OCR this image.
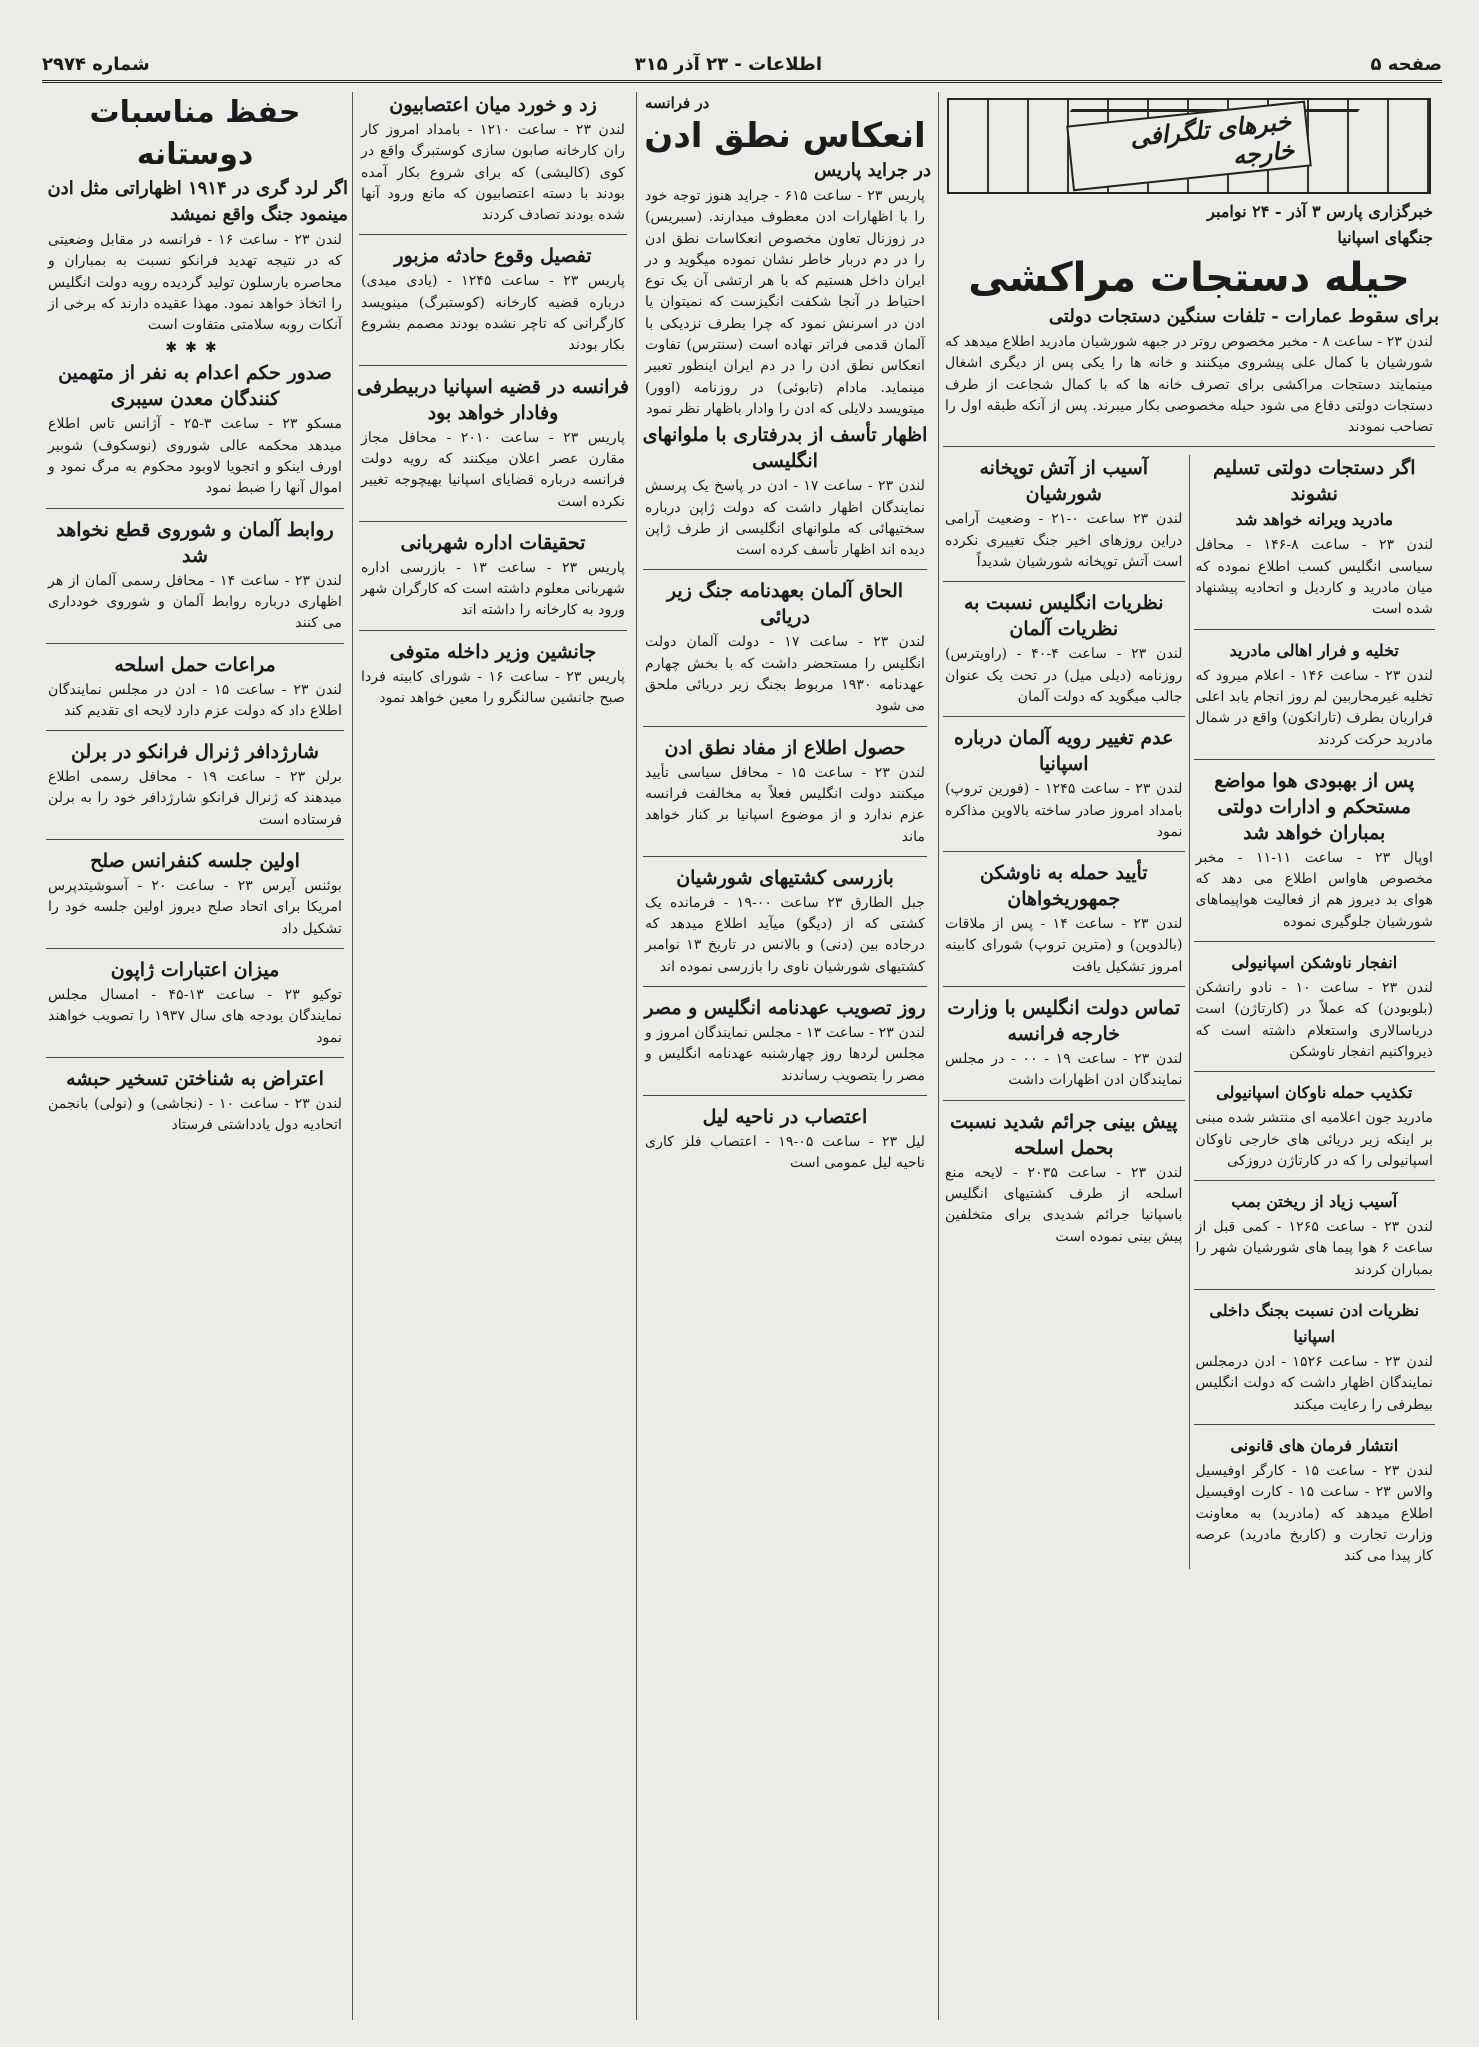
صفحه ۵
اطلاعات - ۲۳ آذر ۳۱۵
شماره ۲۹۷۴
خبرهای تلگرافی خارجه
خبرگزاری پارس ۳ آذر - ۲۴ نوامبر
جنگهای اسپانیا
حیله دستجات مراکشی
برای سقوط عمارات - تلفات سنگین دستجات دولتی
لندن ۲۳ - ساعت ۸ - مخبر مخصوص روتر در جبهه شورشیان مادرید اطلاع میدهد که شورشیان با کمال علی پیشروی میکنند و خانه ها را یکی پس از دیگری اشغال مینمایند دستجات مراکشی برای تصرف خانه ها که با کمال شجاعت از طرف دستجات دولتی دفاع می شود حیله مخصوصی بکار میبرند. پس از آنکه طبقه اول را تصاحب نمودند
اگر دستجات دولتی تسلیم نشوند
مادرید ویرانه خواهد شد
لندن ۲۳ - ساعت ۸-۱۴۶ - محافل سیاسی انگلیس کسب اطلاع نموده که میان مادرید و کاردیل و اتحادیه پیشنهاد شده است
تخلیه و فرار اهالی مادرید
لندن ۲۳ - ساعت ۱۴۶ - اعلام میرود که تخلیه غیرمحاربین لم روز انجام یابد اعلی فراریان بطرف (تارانکون) واقع در شمال مادرید حرکت کردند
پس از بهبودی هوا مواضع مستحکم و ادارات دولتی بمباران خواهد شد
اوپال ۲۳ - ساعت ۱۱-۱۱ - مخبر مخصوص هاواس اطلاع می دهد که هوای بد دیروز هم از فعالیت هواپیماهای شورشیان جلوگیری نموده
انفجار ناوشکن اسپانیولی
لندن ۲۳ - ساعت ۱۰ - نادو رانشکن (بلوبودن) که عملاً در (کارتاژن) است دریاسالاری واستعلام داشته است که ذیرواکنیم انفجار ناوشکن
تکذیب حمله ناوکان اسپانیولی
مادرید جون اعلامیه ای منتشر شده مبنی بر اینکه زیر دریائی های خارجی ناوکان اسپانیولی را که در کارتاژن دروزکی
آسیب زیاد از ریختن بمب
لندن ۲۳ - ساعت ۱۲۶۵ - کمی قبل از ساعت ۶ هوا پیما های شورشیان شهر را بمباران کردند
نظریات ادن نسبت بجنگ داخلی اسپانیا
لندن ۲۳ - ساعت ۱۵۲۶ - ادن درمجلس نمایندگان اظهار داشت که دولت انگلیس بیطرفی را رعایت میکند
انتشار فرمان های قانونی
لندن ۲۳ - ساعت ۱۵ - کارگر اوفیسیل والاس ۲۳ - ساعت ۱۵ - کارت اوفیسیل اطلاع میدهد که (مادرید) به معاونت وزارت تجارت و (کاربخ مادرید) عرصه کار پیدا می کند
آسیب از آتش توپخانه شورشیان
لندن ۲۳ ساعت ۰-۲۱ - وضعیت آرامی دراین روزهای اخیر جنگ تغییری نکرده است آتش توپخانه شورشیان شدیداً
نظریات انگلیس نسبت به نظریات آلمان
لندن ۲۳ - ساعت ۴-۴۰ - (راویترس) روزنامه (دیلی میل) در تحت یک عنوان جالب میگوید که دولت آلمان
عدم تغییر رویه آلمان درباره اسپانیا
لندن ۲۳ - ساعت ۱۲۴۵ - (فورین تروپ) بامداد امروز صادر ساخته بالاوین مذاکره نمود
تأیید حمله به ناوشکن جمهوریخواهان
لندن ۲۳ - ساعت ۱۴ - پس از ملاقات (بالدوین) و (مترین تروپ) شورای کابینه امروز تشکیل یافت
تماس دولت انگلیس با وزارت خارجه فرانسه
لندن ۲۳ - ساعت ۱۹ - ۰۰ - در مجلس نمایندگان ادن اظهارات داشت
پیش بینی جرائم شدید نسبت بحمل اسلحه
لندن ۲۳ - ساعت ۲۰۳۵ - لایحه منع اسلحه از طرف کشتیهای انگلیس باسپانیا جرائم شدیدی برای متخلفین پیش بینی نموده است
در فرانسه
انعکاس نطق ادن
در جراید پاریس
پاریس ۲۳ - ساعت ۶۱۵ - جراید هنوز توجه خود را با اظهارات ادن معطوف میدارند. (سبریس) در زوزنال تعاون مخصوص انعکاسات نطق ادن را در دم دربار خاطر نشان نموده میگوید و در ایران داخل هستیم که با هر ارتشی آن یک نوع احتیاط در آنجا شکفت انگیزست که نمیتوان یا ادن در اسرنش نمود که چرا بطرف نزدیکی با آلمان قدمی فراتر نهاده است (سنترس) تفاوت انعکاس نطق ادن را در دم ایران اینطور تعبیر مینماید. مادام (تابوئی) در روزنامه (اوور) میتویسد دلایلی که ادن را وادار باظهار نظر نمود
اظهار تأسف از بدرفتاری با ملوانهای انگلیسی
لندن ۲۳ - ساعت ۱۷ - ادن در پاسخ یک پرسش نمایندگان اظهار داشت که دولت ژاپن درباره سختیهائی که ملوانهای انگلیسی از طرف ژاپن دیده اند اظهار تأسف کرده است
الحاق آلمان بعهدنامه جنگ زیر دریائی
لندن ۲۳ - ساعت ۱۷ - دولت آلمان دولت انگلیس را مستحضر داشت که با بخش چهارم عهدنامه ۱۹۳۰ مربوط بجنگ زیر دریائی ملحق می شود
حصول اطلاع از مفاد نطق ادن
لندن ۲۳ - ساعت ۱۵ - محافل سیاسی تأیید میکنند دولت انگلیس فعلاً به مخالفت فرانسه عزم ندارد و از موضوع اسپانیا بر کنار خواهد ماند
بازرسی کشتیهای شورشیان
جبل الطارق ۲۳ ساعت ۰۰-۱۹ - فرمانده یک کشتی که از (دیگو) میآید اطلاع میدهد که درجاده بین (دنی) و بالانس در تاریخ ۱۳ نوامبر کشتیهای شورشیان ناوی را بازرسی نموده اند
روز تصویب عهدنامه انگلیس و مصر
لندن ۲۳ - ساعت ۱۳ - مجلس نمایندگان امروز و مجلس لردها روز چهارشنبه عهدنامه انگلیس و مصر را بتصویب رساندند
اعتصاب در ناحیه لیل
لیل ۲۳ - ساعت ۰۵-۱۹ - اعتصاب فلز کاری ناحیه لیل عمومی است
زد و خورد میان اعتصابیون
لندن ۲۳ - ساعت ۱۲۱۰ - بامداد امروز کار ران کارخانه صابون سازی کوستبرگ واقع در کوی (کالیشی) که برای شروع بکار آمده بودند با دسته اعتصابیون که مانع ورود آنها شده بودند تصادف کردند
تفصیل وقوع حادثه مزبور
پاریس ۲۳ - ساعت ۱۲۴۵ - (یادی میدی) درباره قضیه کارخانه (کوستبرگ) مینویسد کارگرانی که تاچر نشده بودند مصمم بشروع بکار بودند
فرانسه در قضیه اسپانیا دربیطرفی وفادار خواهد بود
پاریس ۲۳ - ساعت ۲۰۱۰ - محافل مجاز مقارن عصر اعلان میکنند که رویه دولت فرانسه درباره قضایای اسپانیا بهیچوجه تغییر نکرده است
تحقیقات اداره شهربانی
پاریس ۲۳ - ساعت ۱۳ - بازرسی اداره شهربانی معلوم داشته است که کارگران شهر ورود به کارخانه را داشته اند
جانشین وزیر داخله متوفی
پاریس ۲۳ - ساعت ۱۶ - شورای کابینه فردا صبح جانشین سالنگرو را معین خواهد نمود
حفظ مناسبات دوستانه
اگر لرد گری در ۱۹۱۴ اظهاراتی مثل ادن مینمود جنگ واقع نمیشد
لندن ۲۳ - ساعت ۱۶ - فرانسه در مقابل وضعیتی که در نتیجه تهدید فرانکو نسبت به بمباران و محاصره بارسلون تولید گردیده رویه دولت انگلیس را اتخاذ خواهد نمود. مهذا عقیده دارند که برخی از آنکات روبه سلامتی متفاوت است
✱✱✱
صدور حکم اعدام به نفر از متهمین کنندگان معدن سیبری
مسکو ۲۳ - ساعت ۳-۲۵ - آژانس تاس اطلاع میدهد محکمه عالی شوروی (نوسکوف) شوبیر اورف اینکو و اتجویا لاوبود محکوم به مرگ نمود و اموال آنها را ضبط نمود
روابط آلمان و شوروی قطع نخواهد شد
لندن ۲۳ - ساعت ۱۴ - محافل رسمی آلمان از هر اظهاری درباره روابط آلمان و شوروی خودداری می کنند
مراعات حمل اسلحه
لندن ۲۳ - ساعت ۱۵ - ادن در مجلس نمایندگان اطلاع داد که دولت عزم دارد لایحه ای تقدیم کند
شارژدافر ژنرال فرانکو در برلن
برلن ۲۳ - ساعت ۱۹ - محافل رسمی اطلاع میدهند که ژنرال فرانکو شارژدافر خود را به برلن فرستاده است
اولین جلسه کنفرانس صلح
بوئنس آیرس ۲۳ - ساعت ۲۰ - آسوشیتدپرس امریکا برای اتحاد صلح دیروز اولین جلسه خود را تشکیل داد
میزان اعتبارات ژاپون
توکیو ۲۳ - ساعت ۱۳-۴۵ - امسال مجلس نمایندگان بودجه های سال ۱۹۳۷ را تصویب خواهند نمود
اعتراض به شناختن تسخیر حبشه
لندن ۲۳ - ساعت ۱۰ - (نجاشی) و (نولی) بانجمن اتحادیه دول یادداشتی فرستاد
